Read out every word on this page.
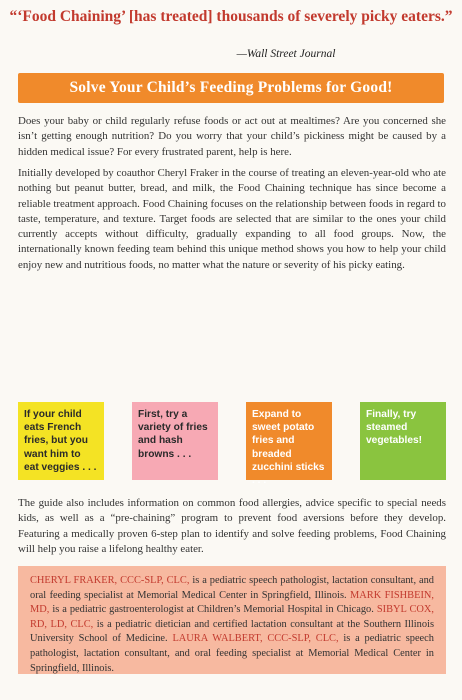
“‘Food Chaining’ [has treated] thousands of severely picky eaters.”
—Wall Street Journal
Solve Your Child’s Feeding Problems for Good!

Does your baby or child regularly refuse foods or act out at mealtimes? Are you concerned she isn’t getting enough nutrition? Do you worry that your child’s pickiness might be caused by a hidden medical issue? For every frustrated parent, help is here.

Initially developed by coauthor Cheryl Fraker in the course of treating an eleven-year-old who ate nothing but peanut butter, bread, and milk, the Food Chaining technique has since become a reliable treatment approach. Food Chaining focuses on the relationship between foods in regard to taste, temperature, and texture. Target foods are selected that are similar to the ones your child currently accepts without difficulty, gradually expanding to all food groups. Now, the internationally known feeding team behind this unique method shows you how to help your child enjoy new and nutritious foods, no matter what the nature or severity of his picky eating.

If your child eats French fries, but you want him to eat veggies . . .
First, try a variety of fries and hash browns . . .
Expand to sweet potato fries and breaded zucchini sticks . . .
Finally, try steamed vegetables!

The guide also includes information on common food allergies, advice specific to special needs kids, as well as a “pre-chaining” program to prevent food aversions before they develop. Featuring a medically proven 6-step plan to identify and solve feeding problems, Food Chaining will help you raise a lifelong healthy eater.

CHERYL FRAKER, CCC-SLP, CLC, is a pediatric speech pathologist, lactation consultant, and oral feeding specialist at Memorial Medical Center in Springfield, Illinois. MARK FISHBEIN, MD, is a pediatric gastroenterologist at Children’s Memorial Hospital in Chicago. SIBYL COX, RD, LD, CLC, is a pediatric dietician and certified lactation consultant at the Southern Illinois University School of Medicine. LAURA WALBERT, CCC-SLP, CLC, is a pediatric speech pathologist, lactation consultant, and oral feeding specialist at Memorial Medical Center in Springfield, Illinois.
